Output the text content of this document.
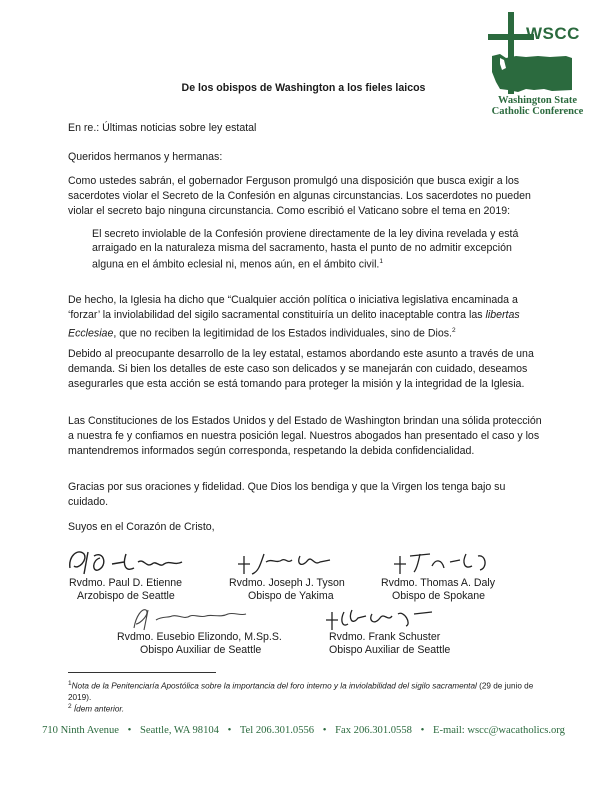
WSCC
Washington State
Catholic Conference
De los obispos de Washington a los fieles laicos

En re.: Últimas noticias sobre ley estatal

Queridos hermanos y hermanas:

Como ustedes sabrán, el gobernador Ferguson promulgó una disposición que busca exigir a los sacerdotes violar el Secreto de la Confesión en algunas circunstancias. Los sacerdotes no pueden violar el secreto bajo ninguna circunstancia. Como escribió el Vaticano sobre el tema en 2019:

El secreto inviolable de la Confesión proviene directamente de la ley divina revelada y está arraigado en la naturaleza misma del sacramento, hasta el punto de no admitir excepción alguna en el ámbito eclesial ni, menos aún, en el ámbito civil.$^1$

De hecho, la Iglesia ha dicho que “Cualquier acción política o iniciativa legislativa encaminada a ‘forzar’ la inviolabilidad del sigilo sacramental constituiría un delito inaceptable contra las libertas Ecclesiae, que no reciben la legitimidad de los Estados individuales, sino de Dios.$^2$

Debido al preocupante desarrollo de la ley estatal, estamos abordando este asunto a través de una demanda. Si bien los detalles de este caso son delicados y se manejarán con cuidado, deseamos asegurarles que esta acción se está tomando para proteger la misión y la integridad de la Iglesia.

Las Constituciones de los Estados Unidos y del Estado de Washington brindan una sólida protección a nuestra fe y confiamos en nuestra posición legal. Nuestros abogados han presentado el caso y los mantendremos informados según corresponda, respetando la debida confidencialidad.

Gracias por sus oraciones y fidelidad. Que Dios los bendiga y que la Virgen los tenga bajo su cuidado.

Suyos en el Corazón de Cristo,

Rvdmo. Paul D. Etienne
Arzobispo de Seattle
Rvdmo. Joseph J. Tyson
Obispo de Yakima
Rvdmo. Thomas A. Daly
Obispo de Spokane
Rvdmo. Eusebio Elizondo, M.Sp.S.
Obispo Auxiliar de Seattle
Rvdmo. Frank Schuster
Obispo Auxiliar de Seattle

$^1$Nota de la Penitenciaría Apostólica sobre la importancia del foro interno y la inviolabilidad del sigilo sacramental (29 de junio de 2019).

$^2$ Ídem anterior.

710 Ninth Avenue • Seattle, WA 98104 • Tel 206.301.0556 • Fax 206.301.0558 • E-mail: wscc@wacatholics.org
